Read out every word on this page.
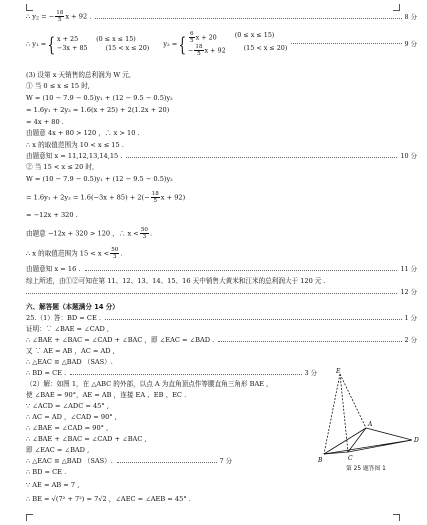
∴ $y_2$ = − $\frac{18}{5}$ x + 92 .	8 分
∴ y₁ = { x + 25	(0 ≤ x ≤ 15)
−3x + 85	(15 < x ≤ 20) y₂ = { $\frac{6}{5}$ x + 20	(0 ≤ x ≤ 15)
− $\frac{18}{5}$ x + 92	(15 < x ≤ 20)	9 分
(3) 设第 x 天销售的总利润为 W 元,
① 当 0 ≤ x ≤ 15 时,
W = (10 − 7.9 − 0.5)y₁ + (12 − 9.5 − 0.5)y₂
= 1.6y₁ + 2y₂ = 1.6(x + 25) + 2(1.2x + 20)
= 4x + 80 .
由题意 4x + 80 > 120 ，∴ x > 10 .
∴ x 的取值范围为 10 < x ≤ 15 .
由题意知 x = 11,12,13,14,15 .	10 分
② 当 15 < x ≤ 20 时,
W = (10 − 7.9 − 0.5)y₁ + (12 − 9.5 − 0.5)y₂
= $1.6y_1 + 2y_2 = 1.6(-3x + 85) + 2(- \frac{18}{5}$ x + 92)
= −12x + 320 .
由题意 −12x + 320 > 120 ，∴ $x < \frac{50}{3}$ .
∴ x 的取值范围为 $15 < x < \frac{50}{3}$ .
由题意知 x = 16 .	11 分
综上所述，由①②可知在第 11、12、13、14、15、16 天中销售大黄米和江米的总利润大于 120 元 .
12 分
六、解答题（本题满分 14 分）
25.（1）答：BD = CE .	1 分
证明：∵ ∠BAE = ∠CAD ,
∴ ∠BAE + ∠BAC = ∠CAD + ∠BAC ，即 ∠EAC = ∠BAD .	2 分
又 ∵ AE = AB ，AC = AD ,
∴ △EAC ≌ △BAD （SAS）.
∴ BD = CE .	3 分
（2）解：如图 1，在 △ABC 的外部，以点 A 为直角顶点作等腰直角三角形 BAE ,
使 ∠BAE = 90°，AE = AB ，连接 EA 、EB 、EC .
∵ ∠ACD = ∠ADC = 45° ,
∴ AC = AD ，∠CAD = 90° ,
∴ ∠BAE = ∠CAD = 90° ,
∴ ∠BAE + ∠BAC = ∠CAD + ∠BAC ,
即 ∠EAC = ∠BAD ,
∴ △EAC ≌ △BAD （SAS）.	7 分
∴ BD = CE .
∵ AE = AB = 7 ,
∴ BE = √(7² + 7²) = 7√2 ，∠AEC = ∠AEB = 45° .
E
A
D
B	C
第 25 题答图 1
